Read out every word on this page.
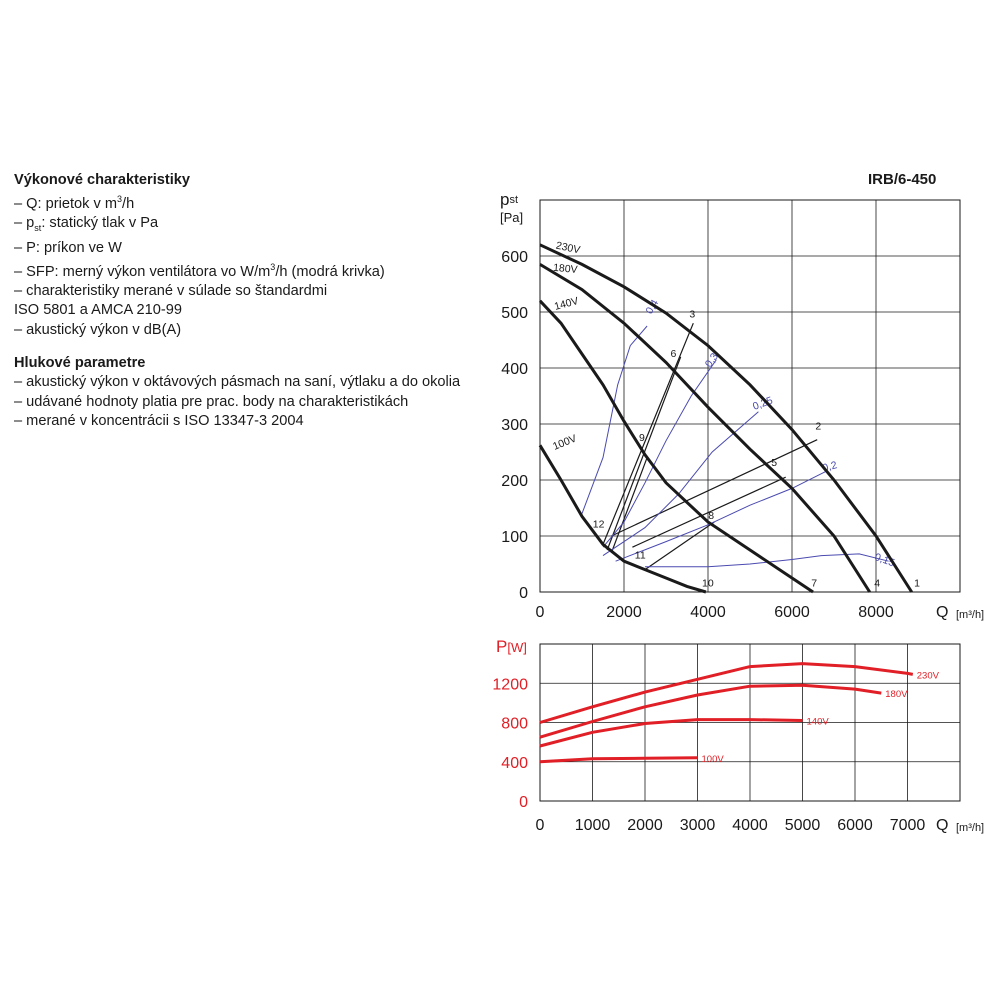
Výkonové charakteristiky

– Q: prietok v $m^3/h$
– $p^{st}$: statický tlak v Pa
– P: príkon ve W
– SFP: merný výkon ventilátora vo $W/m^3/h$ (modrá krivka)
– charakteristiky merané v súlade so štandardmi
ISO 5801 a AMCA 210-99
– akustický výkon v dB(A)

Hlukové parametre

– akustický výkon v oktávových pásmach na saní, výtlaku a do okolia
– udávané hodnoty platia pre prac. body na charakteristikách
– merané v koncentrácii s ISO 13347-3 2004
IRB/6-450
0	2000	4000	6000	8000
0
100
200
300
400
500
600
pst
[Pa]
Q [m³/h]
0,4
0,3
0,25
0,2
0,15
230V
180V
140V
100V
1
2
3
4
5
6
7
8
9
10
11
12
0 1000 2000 3000 4000 5000 6000 7000
0
400
800
1200
P[W]
Q [m³/h]
230V
180V
140V
100V
